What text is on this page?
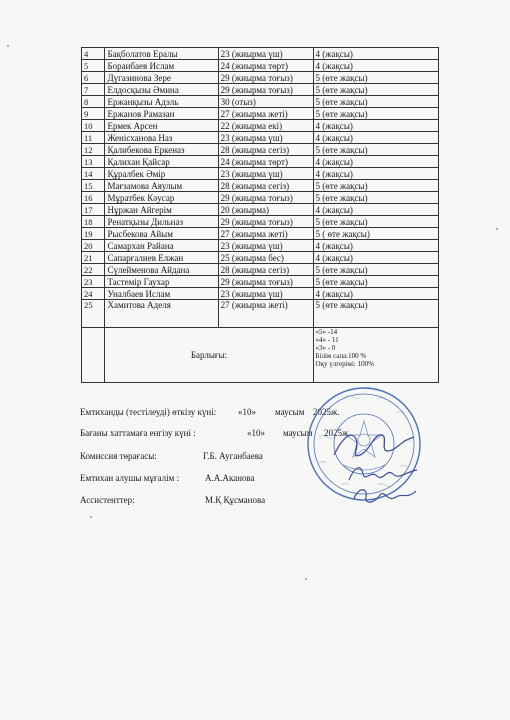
4	Бақболатов Ералы	23 (жиырма үш)	4 (жақсы)
5	Бораибаев Ислам	24 (жиырма төрт)	4 (жақсы)
6	Дүгазинова Зере	29 (жиырма тоғыз)	5 (өте жақсы)
7	Елдосқызы Әмина	29 (жиырма тоғыз)	5 (өте жақсы)
8	Ержанқызы Адэль	30 (отыз)	5 (өте жақсы)
9	Ержанов Рамазан	27 (жиырма жеті)	5 (өте жақсы)
10	Ермек Арсен	22 (жиырма екі)	4 (жақсы)
11	Женісханова Наз	23 (жиырма үш)	4 (жақсы)
12	Қалибекова Еркеназ	28 (жиырма сегіз)	5 (өте жақсы)
13	Қалихан Қайсар	24 (жиырма төрт)	4 (жақсы)
14	Құралбек Әмір	23 (жиырма үш)	4 (жақсы)
15	Мағзамова Аяулым	28 (жиырма сегіз)	5 (өте жақсы)
16	Мұратбек Кәусар	29 (жиырма тоғыз)	5 (өте жақсы)
17	Нұржан Айгерім	20 (жиырма)	4 (жақсы)
18	Ренатқызы Дильназ	29 (жиырма тоғыз)	5 (өте жақсы)
19	Рысбекова Айым	27 (жиырма жеті)	5 ( өте жақсы)
20	Самархан Райана	23 (жиырма үш)	4 (жақсы)
21	Сапарғалиев Елжан	25 (жиырма бес)	4 (жақсы)
22	Сүлейменова Айдана	28 (жиырма сегіз)	5 (өте жақсы)
23	Тастемір Гаухар	29 (жиырма тоғыз)	5 (өте жақсы)
24	Уналбаев Ислам	23 (жиырма үш)	4 (жақсы)
25	Хамитова Аделя	27 (жиырма жеті)	5 (өте жақсы)
	Барлығы:		«5» -14
«4» - 11
«3» - 0
Білім сапа:100 %
Оқу үлгерімі: 100%
Емтиханды (тестілеуді) өткізу күні: «10» маусым 2025ж.
Бағаны хаттамаға енгізу күні :	«10» маусым 2025ж.
Комиссия төрағасы:	Г.Б. Ауганбаева
Емтихан алушы мұғалім :	А.А.Аканова
Ассистенттер:	М.Қ Құсманова
